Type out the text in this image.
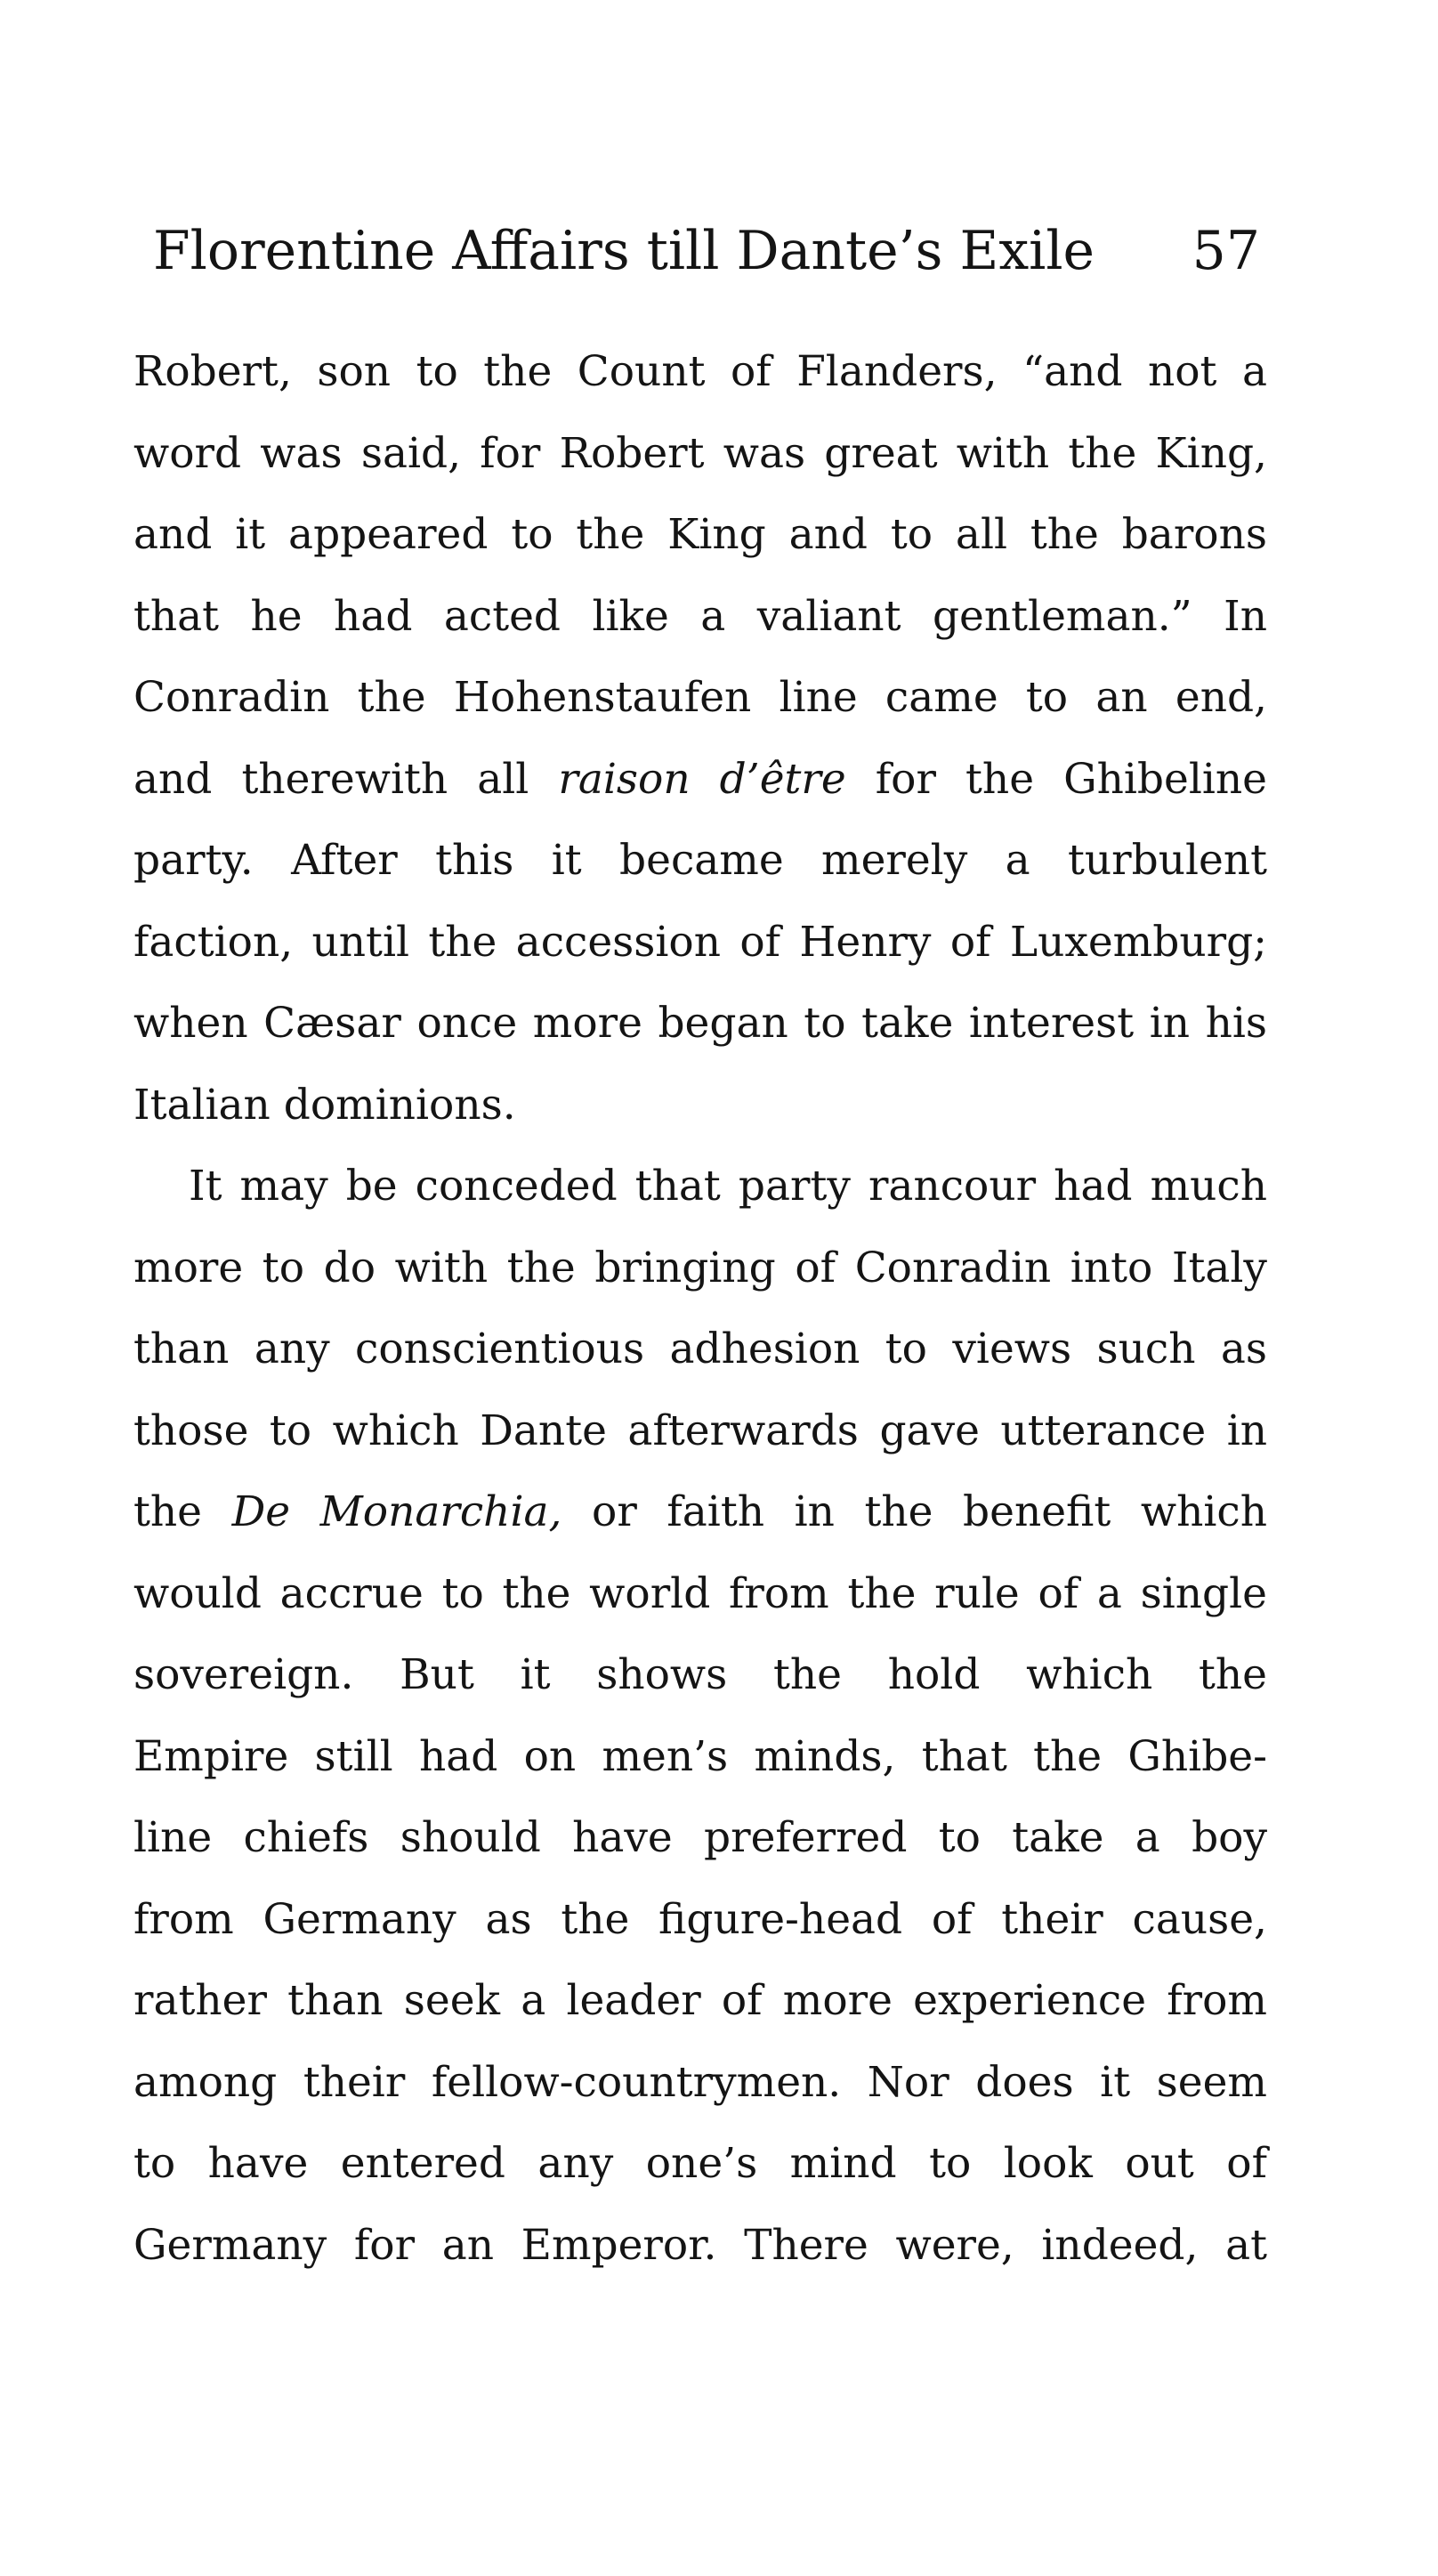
Florentine Affairs till Dante’s Exile 57
Robert, son to the Count of Flanders, “and not a
word was said, for Robert was great with the King,
and it appeared to the King and to all the barons
that he had acted like a valiant gentleman.” In
Conradin the Hohenstaufen line came to an end,
and therewith all raison d’être for the Ghibeline
party. After this it became merely a turbulent
faction, until the accession of Henry of Luxemburg;
when Cæsar once more began to take interest in his
Italian dominions.
It may be conceded that party rancour had much
more to do with the bringing of Conradin into Italy
than any conscientious adhesion to views such as
those to which Dante afterwards gave utterance in
the De Monarchia, or faith in the benefit which
would accrue to the world from the rule of a single
sovereign. But it shows the hold which the
Empire still had on men’s minds, that the Ghibe-
line chiefs should have preferred to take a boy
from Germany as the figure-head of their cause,
rather than seek a leader of more experience from
among their fellow-countrymen. Nor does it seem
to have entered any one’s mind to look out of
Germany for an Emperor. There were, indeed, at
